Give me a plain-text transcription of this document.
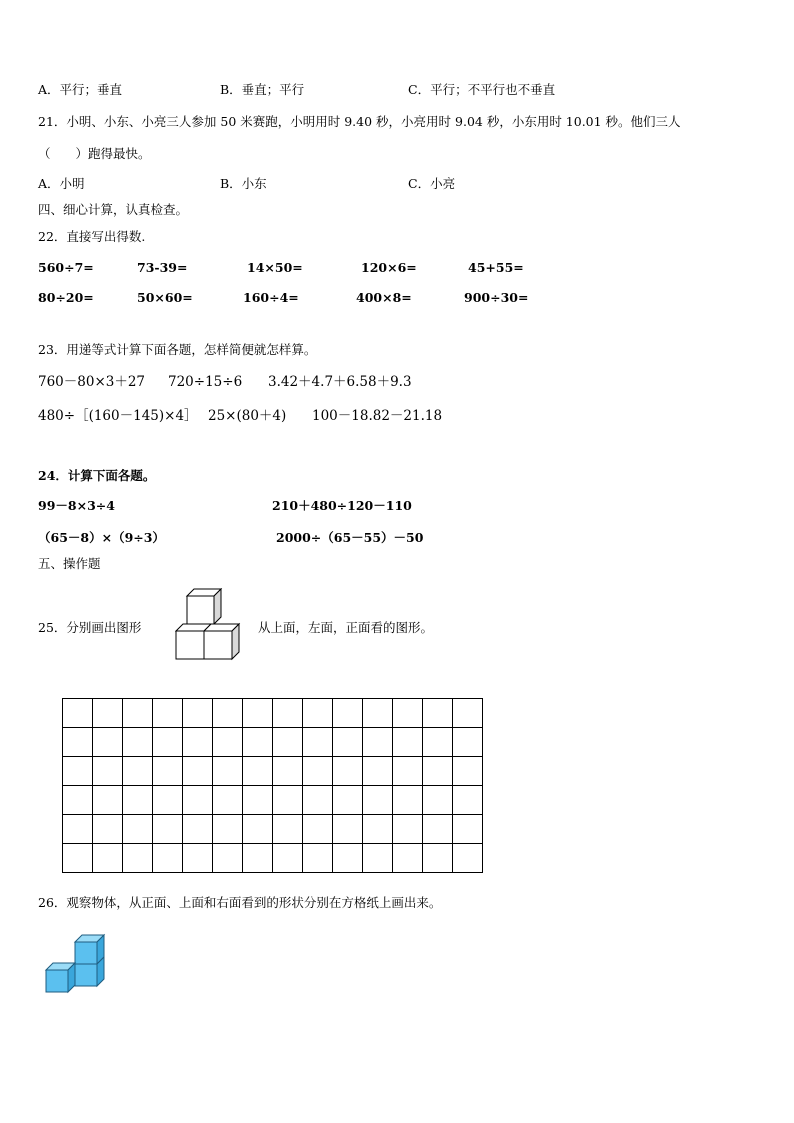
A．平行；垂直	B．垂直；平行	C．平行；不平行也不垂直
21．小明、小东、小亮三人参加 50 米赛跑，小明用时 9.40 秒，小亮用时 9.04 秒，小东用时 10.01 秒。他们三人
（　　）跑得最快。
A．小明	B．小东	C．小亮
四、细心计算，认真检查。
22．直接写出得数.
560÷7=	73-39=	14×50=	120×6=	45+55=
80÷20=	50×60=	160÷4=	400×8=	900÷30=
23．用递等式计算下面各题，怎样简便就怎样算。
760－80×3＋27 720÷15÷6 3.42＋4.7＋6.58＋9.3
480÷［(160－145)×4］ 25×(80＋4) 100－18.82－21.18
24．计算下面各题。
99－8×3÷4	210＋480÷120－110
（65－8）×（9÷3）	2000÷（65－55）－50
五、操作题
25．分别画出图形	从上面，左面，正面看的图形。

26．观察物体，从正面、上面和右面看到的形状分别在方格纸上画出来。
